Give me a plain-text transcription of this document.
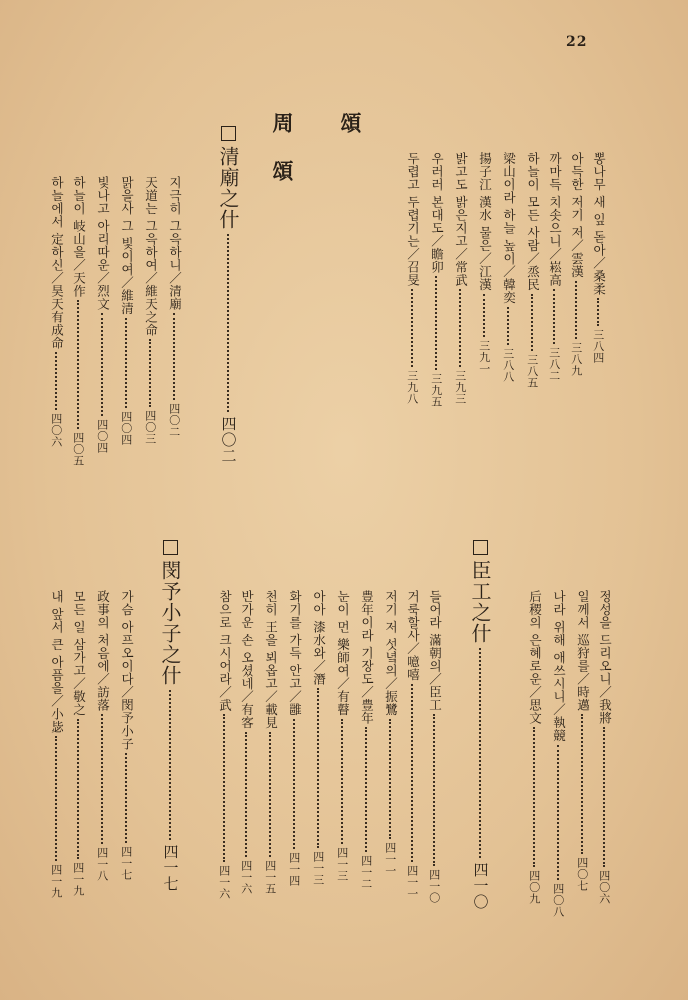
22
頌
周
頌	뽕나무 새 잎 돋아／桑柔
三八四
아득한 저기 저／雲漢
三八九
까마득 치솟으니／崧高
三八二
하늘이 모든 사람／烝民
三八五
梁山이라 하늘 높이／韓奕
三八八
揚子江 漢水 물은／江漢
三九一
밝고도 밝은지고／常武
三九三
우러러 본대도／瞻卯
三九五
두렵고 두렵기는／召旻
三九八
清廟之什
四〇二
지극히 그윽하니／清廟
四〇二
天道는 그윽하여／維天之命
四〇三
맑을사 그 빛이여／維清
四〇四
빛나고 아리따운／烈文
四〇四
하늘이 岐山을／天作
四〇五
하늘에서 定하신／昊天有成命
四〇六
정성을 드리오니／我將
四〇六
일께서 巡狩를／時邁
四〇七
나라 위해 애쓰시니／執競
四〇八
后稷의 은혜로운／思文
四〇九
臣工之什
四一〇
들어라 滿朝의／臣工
四一〇
거룩할사／噫嘻
四一一
저기 저 섯녘의／振鷺
四一一
豊年이라 기장도／豊年
四一二
눈이 먼 樂師여／有瞽
四一三
아아 漆水와／潛
四一三
화기를 가득 안고／雝
四一四
천히 王을 뵈옵고／載見
四一五
반가운 손 오셨네／有客
四一六
참으로 크시어라／武
四一六
閔予小子之什
四一七
가슴 아프오이다／閔予小子
四一七
政事의 처음에／訪落
四一八
모든 일 삼가고／敬之
四一九
내 앞서 큰 아픔을／小毖
四一九
